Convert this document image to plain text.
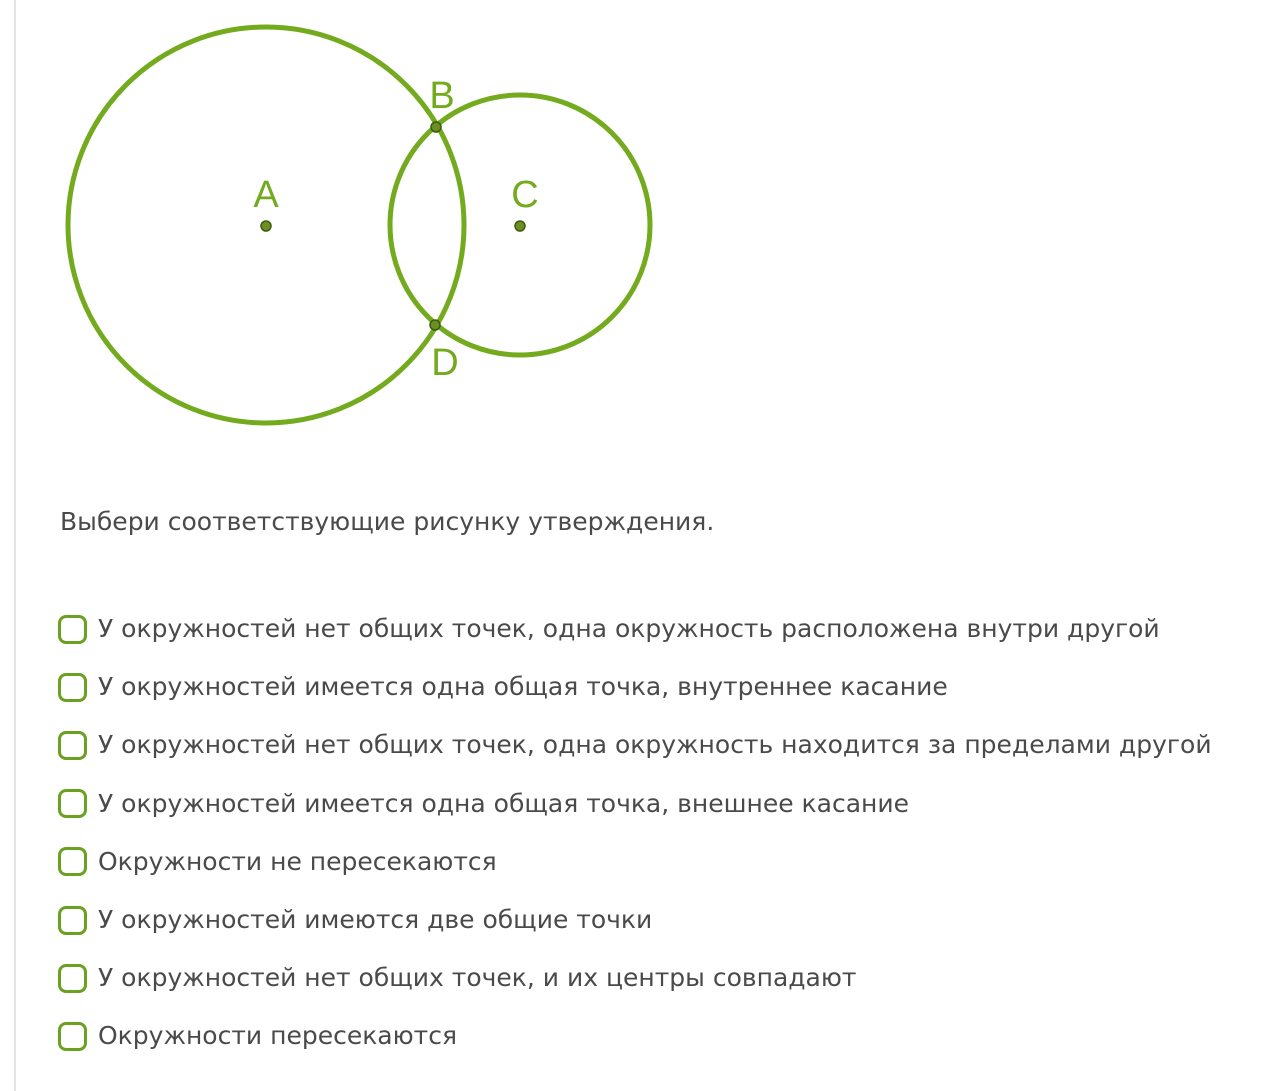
A
B
C
D
Выбери соответствующие рисунку утверждения.
У окружностей нет общих точек, одна окружность расположена внутри другой
У окружностей имеется одна общая точка, внутреннее касание
У окружностей нет общих точек, одна окружность находится за пределами другой
У окружностей имеется одна общая точка, внешнее касание
Окружности не пересекаются
У окружностей имеются две общие точки
У окружностей нет общих точек, и их центры совпадают
Окружности пересекаются
